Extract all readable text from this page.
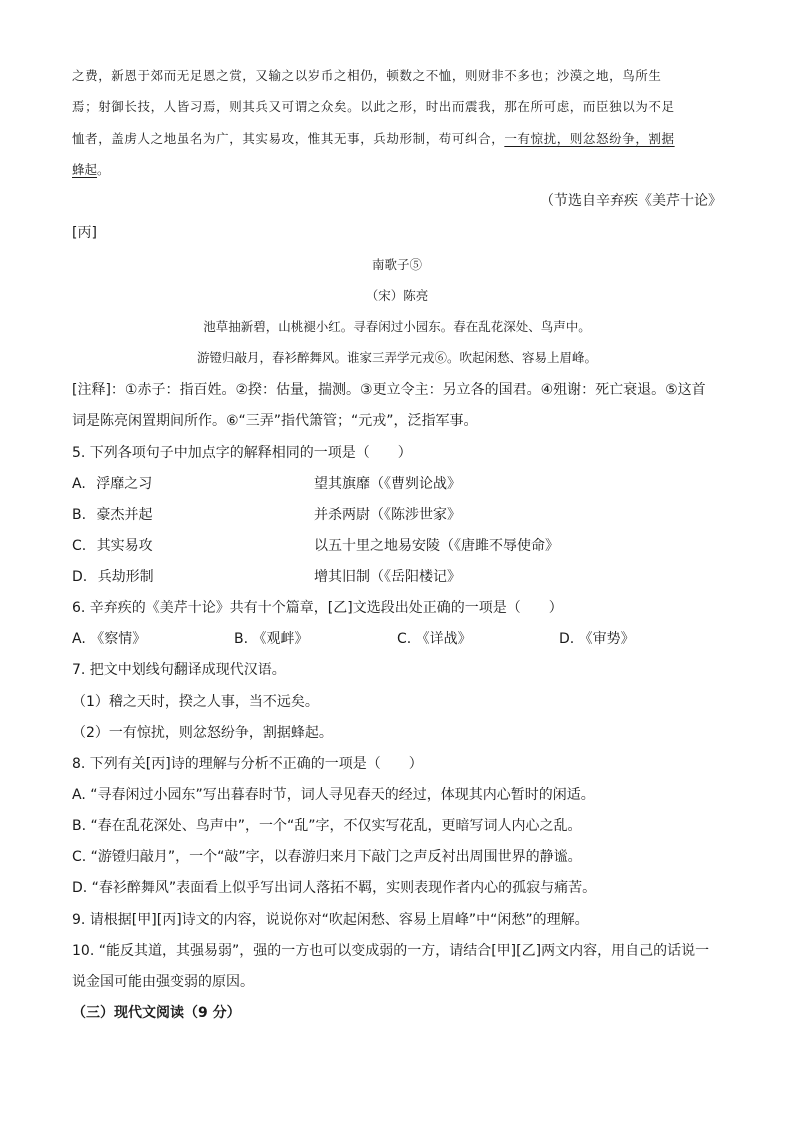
之费，新恩于郊而无足恩之赏，又输之以岁币之相仍，顿数之不恤，则财非不多也；沙漠之地，鸟所生
焉；射御长技，人皆习焉，则其兵又可谓之众矣。以此之形，时出而震我，那在所可虑，而臣独以为不足
恤者，盖虏人之地虽名为广，其实易攻，惟其无事，兵劫形制，苟可纠合，一有惊扰，则忿怒纷争，割据
蜂起。
（节选自辛弃疾《美芹十论》
[丙]
南歌子⑤
（宋）陈亮
池草抽新碧，山桃褪小红。寻春闲过小园东。春在乱花深处、鸟声中。
游镫归敲月，春衫醉舞风。谁家三弄学元戎⑥。吹起闲愁、容易上眉峰。
[注释]：①赤子：指百姓。②揆：估量，揣测。③更立令主：另立各的国君。④殂谢：死亡衰退。⑤这首
词是陈亮闲置期间所作。⑥“三弄”指代箫管；“元戎”，泛指军事。
5. 下列各项句子中加点字的解释相同的一项是（　　）
A. 浮靡之习	望其旗靡（《曹刿论战》
B. 豪杰并起	并杀两尉（《陈涉世家》
C. 其实易攻	以五十里之地易安陵（《唐雎不辱使命》
D. 兵劫形制	增其旧制（《岳阳楼记》
6. 辛弃疾的《美芹十论》共有十个篇章，[乙]文选段出处正确的一项是（　　）
A. 《察情》	B. 《观衅》	C. 《详战》	D. 《审势》
7. 把文中划线句翻译成现代汉语。
（1）稽之天时，揆之人事，当不远矣。
（2）一有惊扰，则忿怒纷争，割据蜂起。
8. 下列有关[丙]诗的理解与分析不正确的一项是（　　）
A. “寻春闲过小园东”写出暮春时节，词人寻见春天的经过，体现其内心暂时的闲适。
B. “春在乱花深处、鸟声中”，一个“乱”字，不仅实写花乱，更暗写词人内心之乱。
C. “游镫归敲月”，一个“敲”字，以春游归来月下敲门之声反衬出周围世界的静谧。
D. “春衫醉舞风”表面看上似乎写出词人落拓不羁，实则表现作者内心的孤寂与痛苦。
9. 请根据[甲][丙]诗文的内容，说说你对“吹起闲愁、容易上眉峰”中“闲愁”的理解。
10. “能反其道，其强易弱”，强的一方也可以变成弱的一方，请结合[甲][乙]两文内容，用自己的话说一
说金国可能由强变弱的原因。
（三）现代文阅读（9 分）
